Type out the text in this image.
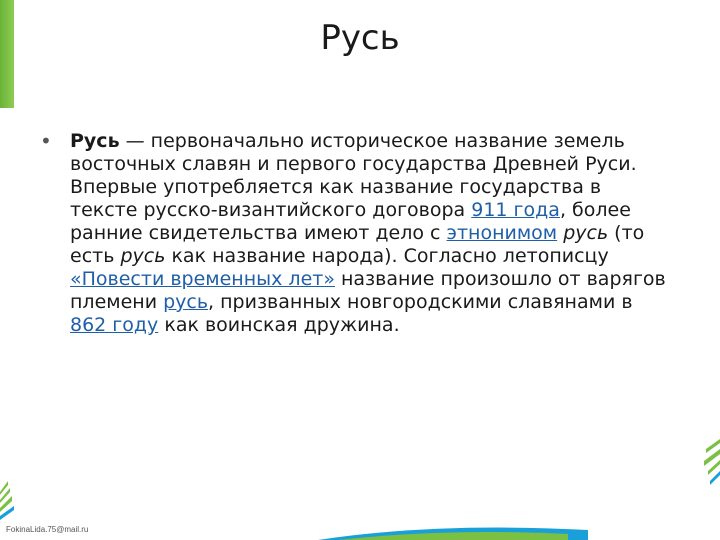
Русь
• Русь — первоначально историческое название земель восточных славян и первого государства Древней Руси. Впервые употребляется как название государства в тексте русско-византийского договора 911 года, более ранние свидетельства имеют дело с этнонимом русь (то есть русь как название народа). Согласно летописцу «Повести временных лет» название произошло от варягов племени русь, призванных новгородскими славянами в 862 году как воинская дружина.
FokinaLida.75@mail.ru
